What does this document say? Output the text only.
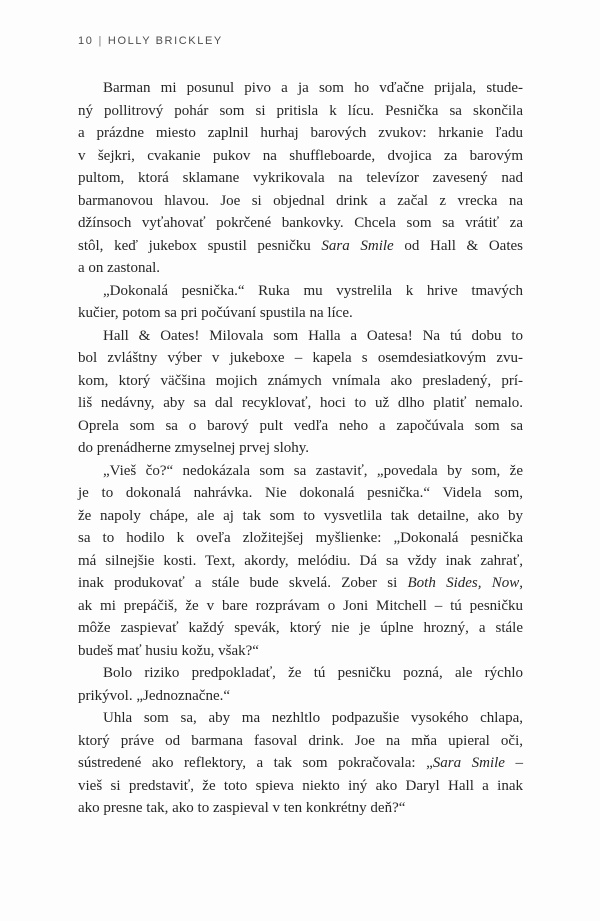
10 | HOLLY BRICKLEY
Barman mi posunul pivo a ja som ho vďačne prijala, stude-
ný pollitrový pohár som si pritisla k lícu. Pesnička sa skončila
a prázdne miesto zaplnil hurhaj barových zvukov: hrkanie ľadu
v šejkri, cvakanie pukov na shuffleboarde, dvojica za barovým
pultom, ktorá sklamane vykrikovala na televízor zavesený nad
barmanovou hlavou. Joe si objednal drink a začal z vrecka na
džínsoch vyťahovať pokrčené bankovky. Chcela som sa vrátiť za
stôl, keď jukebox spustil pesničku Sara Smile od Hall & Oates
a on zastonal.
„Dokonalá pesnička.“ Ruka mu vystrelila k hrive tmavých
kučier, potom sa pri počúvaní spustila na líce.
Hall & Oates! Milovala som Halla a Oatesa! Na tú dobu to
bol zvláštny výber v jukeboxe – kapela s osemdesiatkovým zvu-
kom, ktorý väčšina mojich známych vnímala ako presladený, prí-
liš nedávny, aby sa dal recyklovať, hoci to už dlho platiť nemalo.
Oprela som sa o barový pult vedľa neho a započúvala som sa
do prenádherne zmyselnej prvej slohy.
„Vieš čo?“ nedokázala som sa zastaviť, „povedala by som, že
je to dokonalá nahrávka. Nie dokonalá pesnička.“ Videla som,
že napoly chápe, ale aj tak som to vysvetlila tak detailne, ako by
sa to hodilo k oveľa zložitejšej myšlienke: „Dokonalá pesnička
má silnejšie kosti. Text, akordy, melódiu. Dá sa vždy inak zahrať,
inak produkovať a stále bude skvelá. Zober si Both Sides, Now,
ak mi prepáčiš, že v bare rozprávam o Joni Mitchell – tú pesničku
môže zaspievať každý spevák, ktorý nie je úplne hrozný, a stále
budeš mať husiu kožu, však?“
Bolo riziko predpokladať, že tú pesničku pozná, ale rýchlo
prikývol. „Jednoznačne.“
Uhla som sa, aby ma nezhltlo podpazušie vysokého chlapa,
ktorý práve od barmana fasoval drink. Joe na mňa upieral oči,
sústredené ako reflektory, a tak som pokračovala: „Sara Smile –
vieš si predstaviť, že toto spieva niekto iný ako Daryl Hall a inak
ako presne tak, ako to zaspieval v ten konkrétny deň?“
